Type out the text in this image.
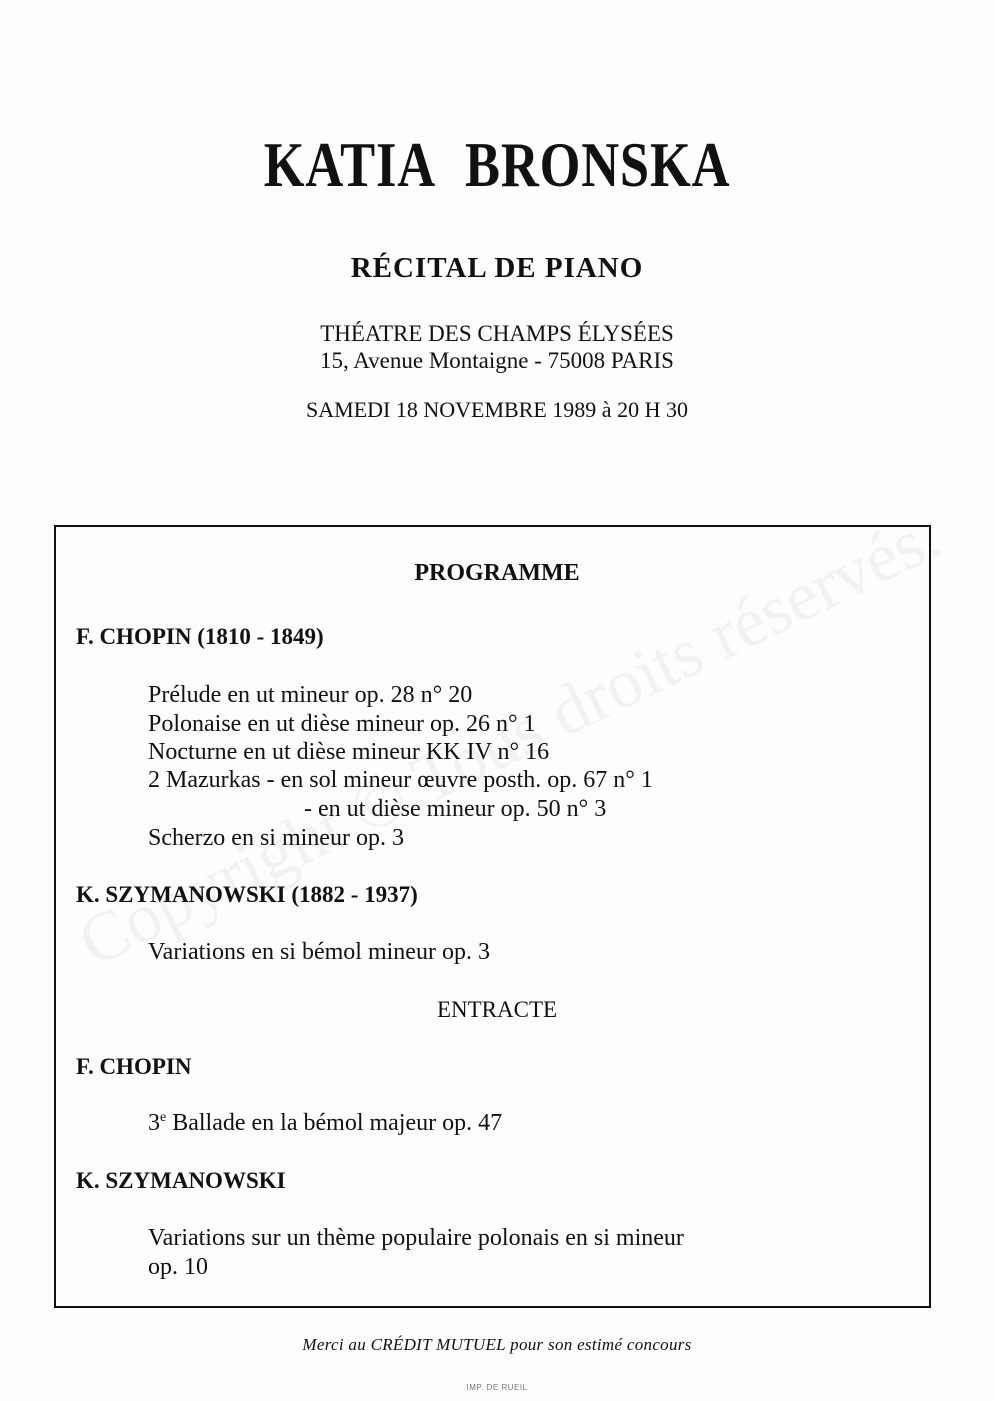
KATIA BRONSKA
RÉCITAL DE PIANO
THÉATRE DES CHAMPS ÉLYSÉES
15, Avenue Montaigne - 75008 PARIS
SAMEDI 18 NOVEMBRE 1989 à 20 H 30
PROGRAMME
F. CHOPIN (1810 - 1849)
Prélude en ut mineur op. 28 n° 20
Polonaise en ut dièse mineur op. 26 n° 1
Nocturne en ut dièse mineur KK IV n° 16
2 Mazurkas - en sol mineur œuvre posth. op. 67 n° 1
- en ut dièse mineur op. 50 n° 3
Scherzo en si mineur op. 3
K. SZYMANOWSKI (1882 - 1937)
Variations en si bémol mineur op. 3
ENTRACTE
F. CHOPIN
3e Ballade en la bémol majeur op. 47
K. SZYMANOWSKI
Variations sur un thème populaire polonais en si mineur
op. 10
Merci au CRÉDIT MUTUEL pour son estimé concours
IMP. DE RUEIL
